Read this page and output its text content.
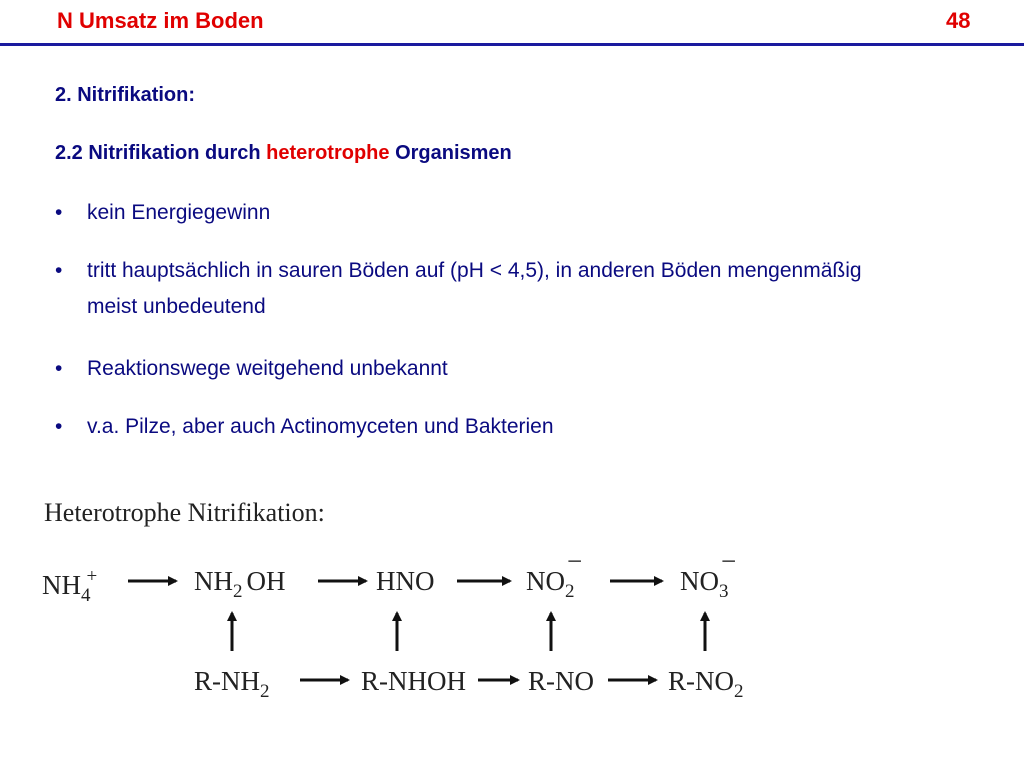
N Umsatz im Boden	48
2. Nitrifikation:
2.2 Nitrifikation durch heterotrophe Organismen
• kein Energiegewinn
• tritt hauptsächlich in sauren Böden auf (pH < 4,5), in anderen Böden mengenmäßig meist unbedeutend
• Reaktionswege weitgehend unbekannt
• v.a. Pilze, aber auch Actinomyceten und Bakterien
Heterotrophe Nitrifikation:
$NH_4^+$	$NH_2$ OH	HNO	$NO_2$
−
$NO_3$
−
$R-NH_2$	R-NHOH R-NO	$R-NO_2$
